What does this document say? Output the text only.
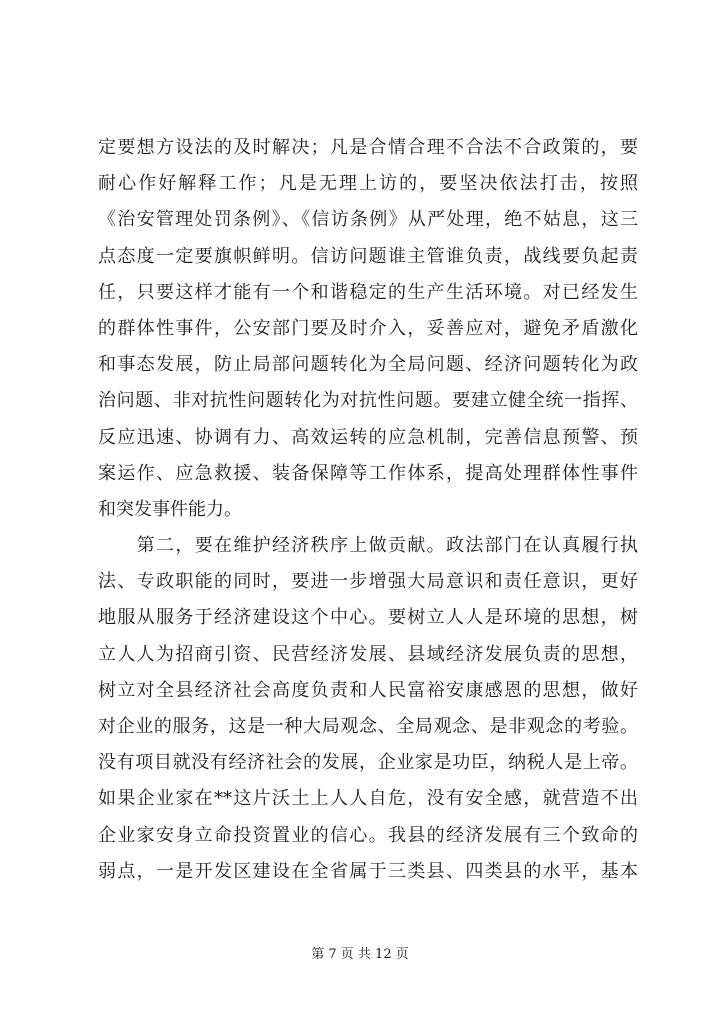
定要想方设法的及时解决；凡是合情合理不合法不合政策的，要
耐心作好解释工作；凡是无理上访的，要坚决依法打击，按照
《治安管理处罚条例》、《信访条例》从严处理，绝不姑息，这三
点态度一定要旗帜鲜明。信访问题谁主管谁负责，战线要负起责
任，只要这样才能有一个和谐稳定的生产生活环境。对已经发生
的群体性事件，公安部门要及时介入，妥善应对，避免矛盾激化
和事态发展，防止局部问题转化为全局问题、经济问题转化为政
治问题、非对抗性问题转化为对抗性问题。要建立健全统一指挥、
反应迅速、协调有力、高效运转的应急机制，完善信息预警、预
案运作、应急救援、装备保障等工作体系，提高处理群体性事件
和突发事件能力。
　　第二，要在维护经济秩序上做贡献。政法部门在认真履行执
法、专政职能的同时，要进一步增强大局意识和责任意识，更好
地服从服务于经济建设这个中心。要树立人人是环境的思想，树
立人人为招商引资、民营经济发展、县域经济发展负责的思想，
树立对全县经济社会高度负责和人民富裕安康感恩的思想，做好
对企业的服务，这是一种大局观念、全局观念、是非观念的考验。
没有项目就没有经济社会的发展，企业家是功臣，纳税人是上帝。
如果企业家在**这片沃土上人人自危，没有安全感，就营造不出
企业家安身立命投资置业的信心。我县的经济发展有三个致命的
弱点，一是开发区建设在全省属于三类县、四类县的水平，基本
第 7 页 共 12 页
